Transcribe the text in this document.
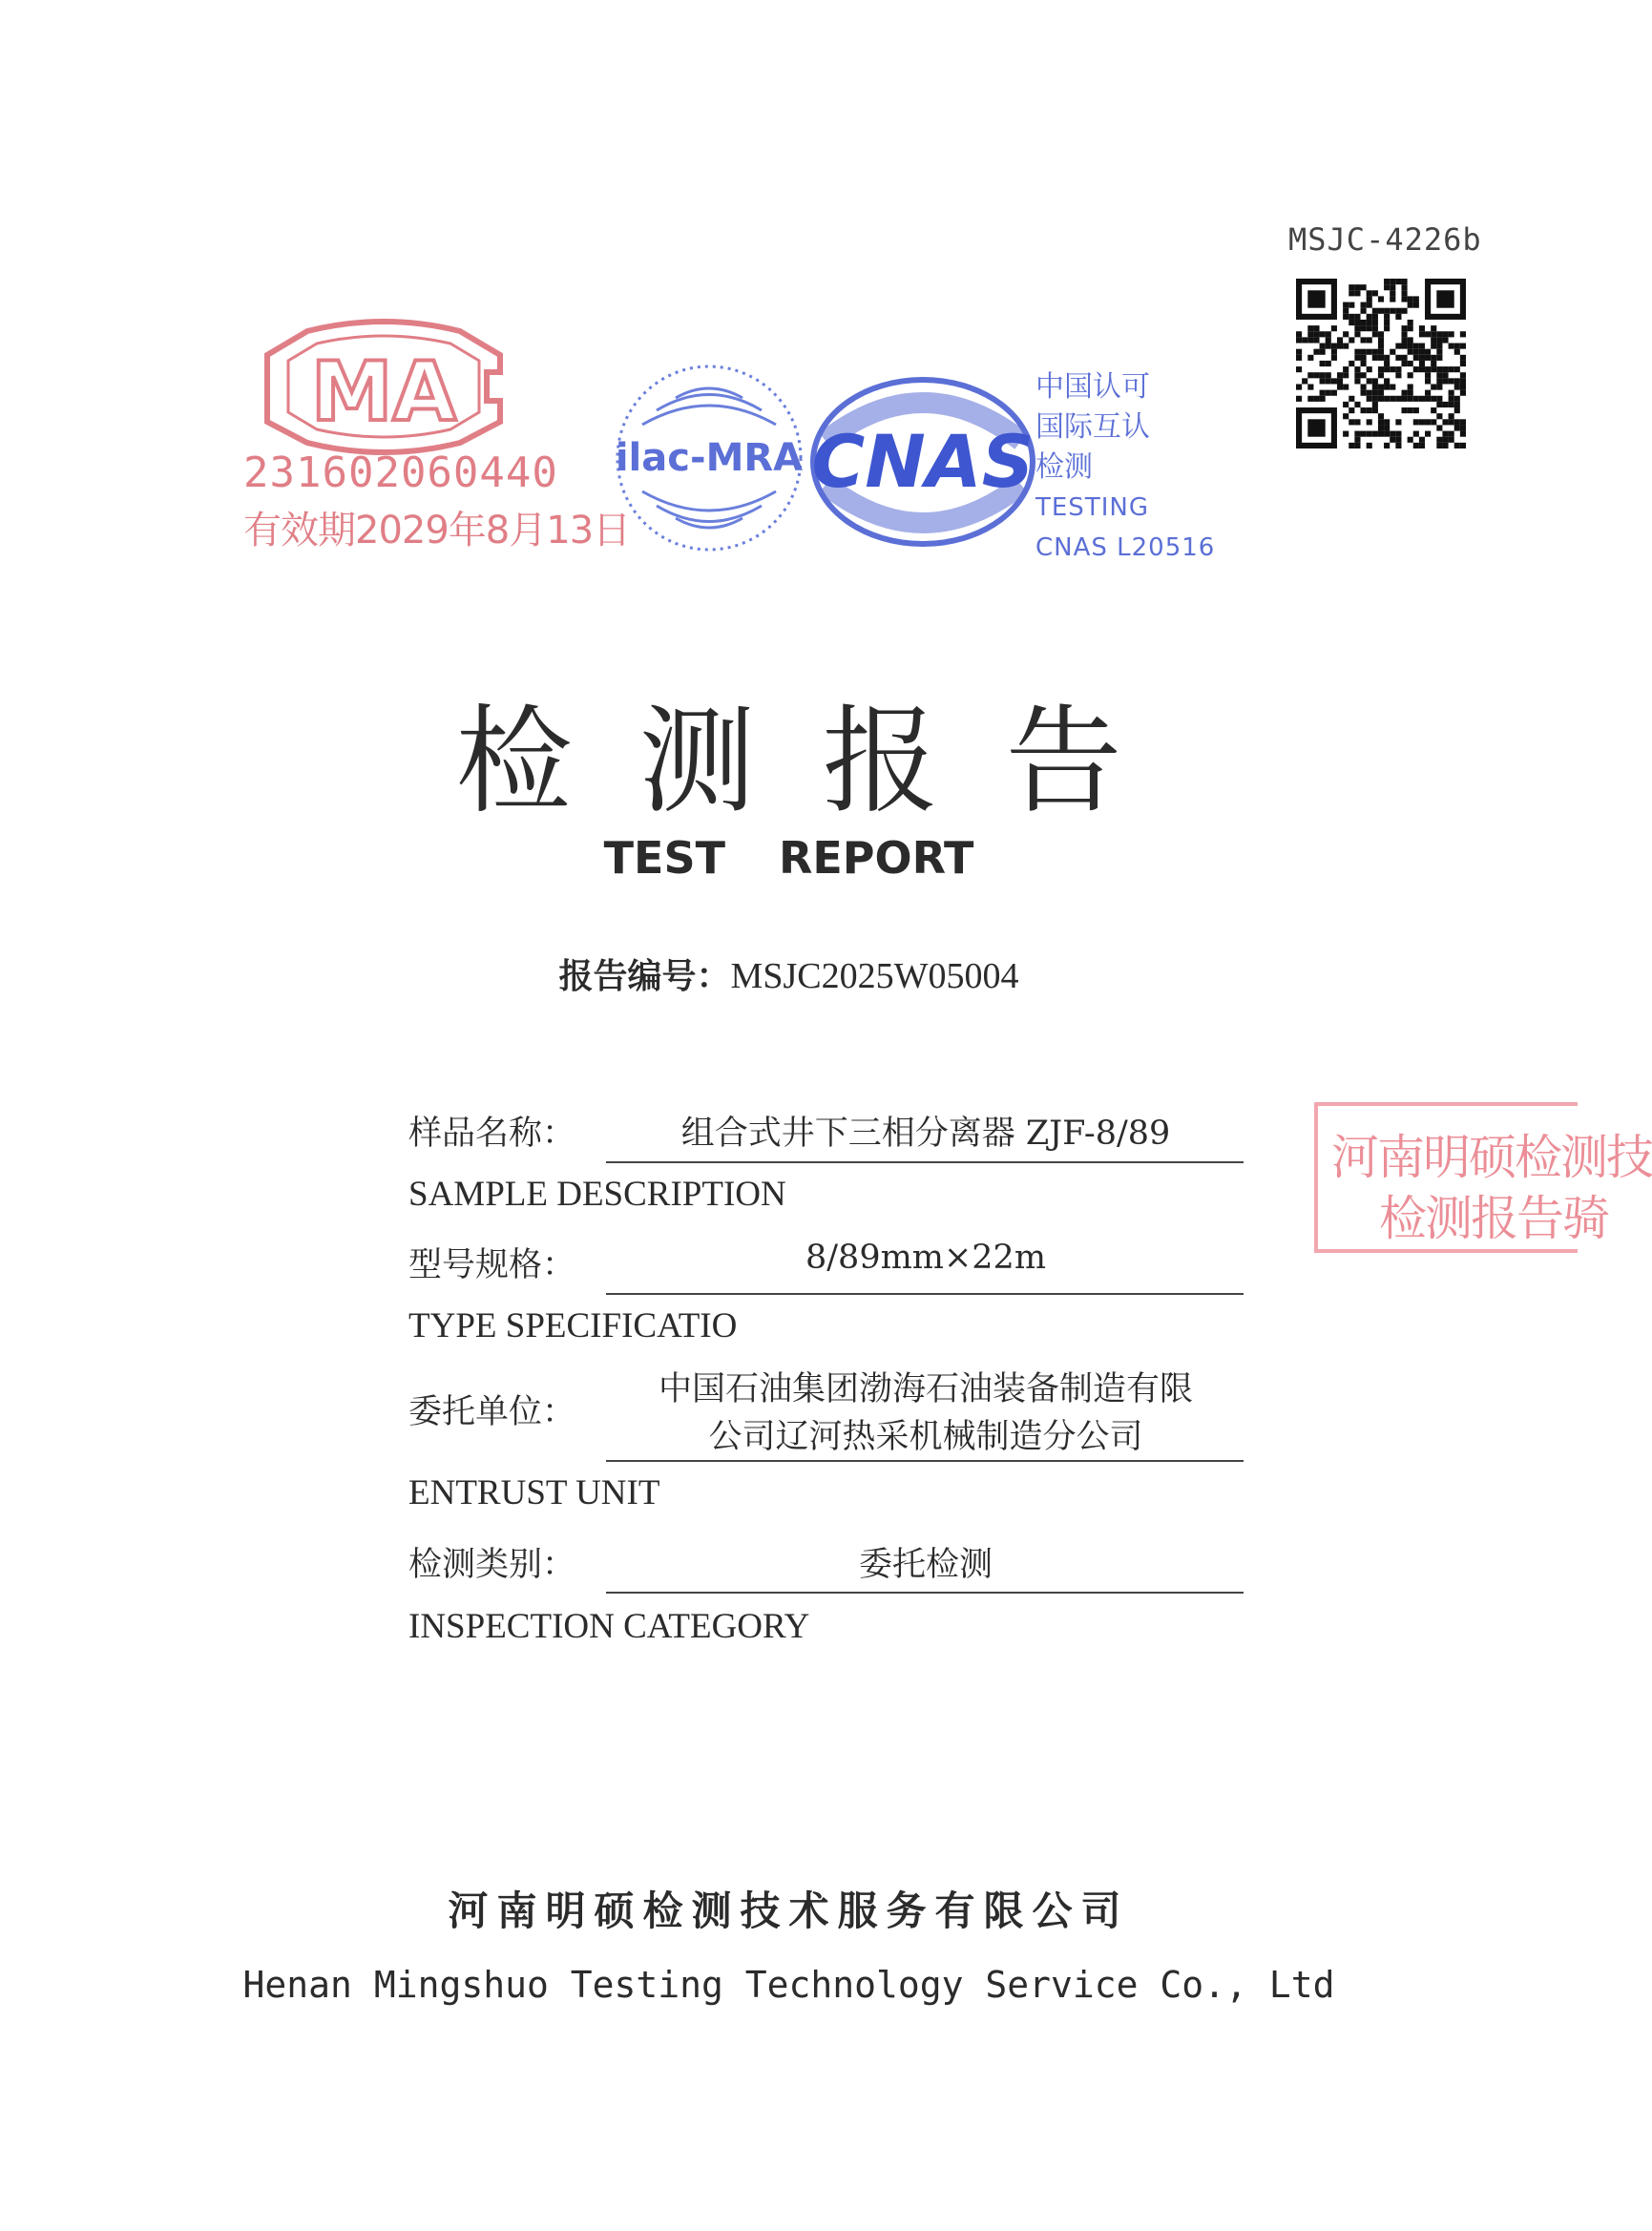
MSJC-4226b
MA
231602060440
有效期2029年8月13日
ilac-MRA CNAS
中国认可
国际互认
检测
TESTING
CNAS L20516
检测报告
TEST REPORT
报告编号：MSJC2025W05004
样品名称：	组合式井下三相分离器 ZJF-8/89
SAMPLE DESCRIPTION
型号规格：	8/89mm×22m
TYPE SPECIFICATIO
委托单位：
中国石油集团渤海石油装备制造有限
公司辽河热采机械制造分公司
ENTRUST UNIT
检测类别：	委托检测
INSPECTION CATEGORY
河南明硕检测技
检测报告骑
河南明硕检测技术服务有限公司
Henan Mingshuo Testing Technology Service Co., Ltd
